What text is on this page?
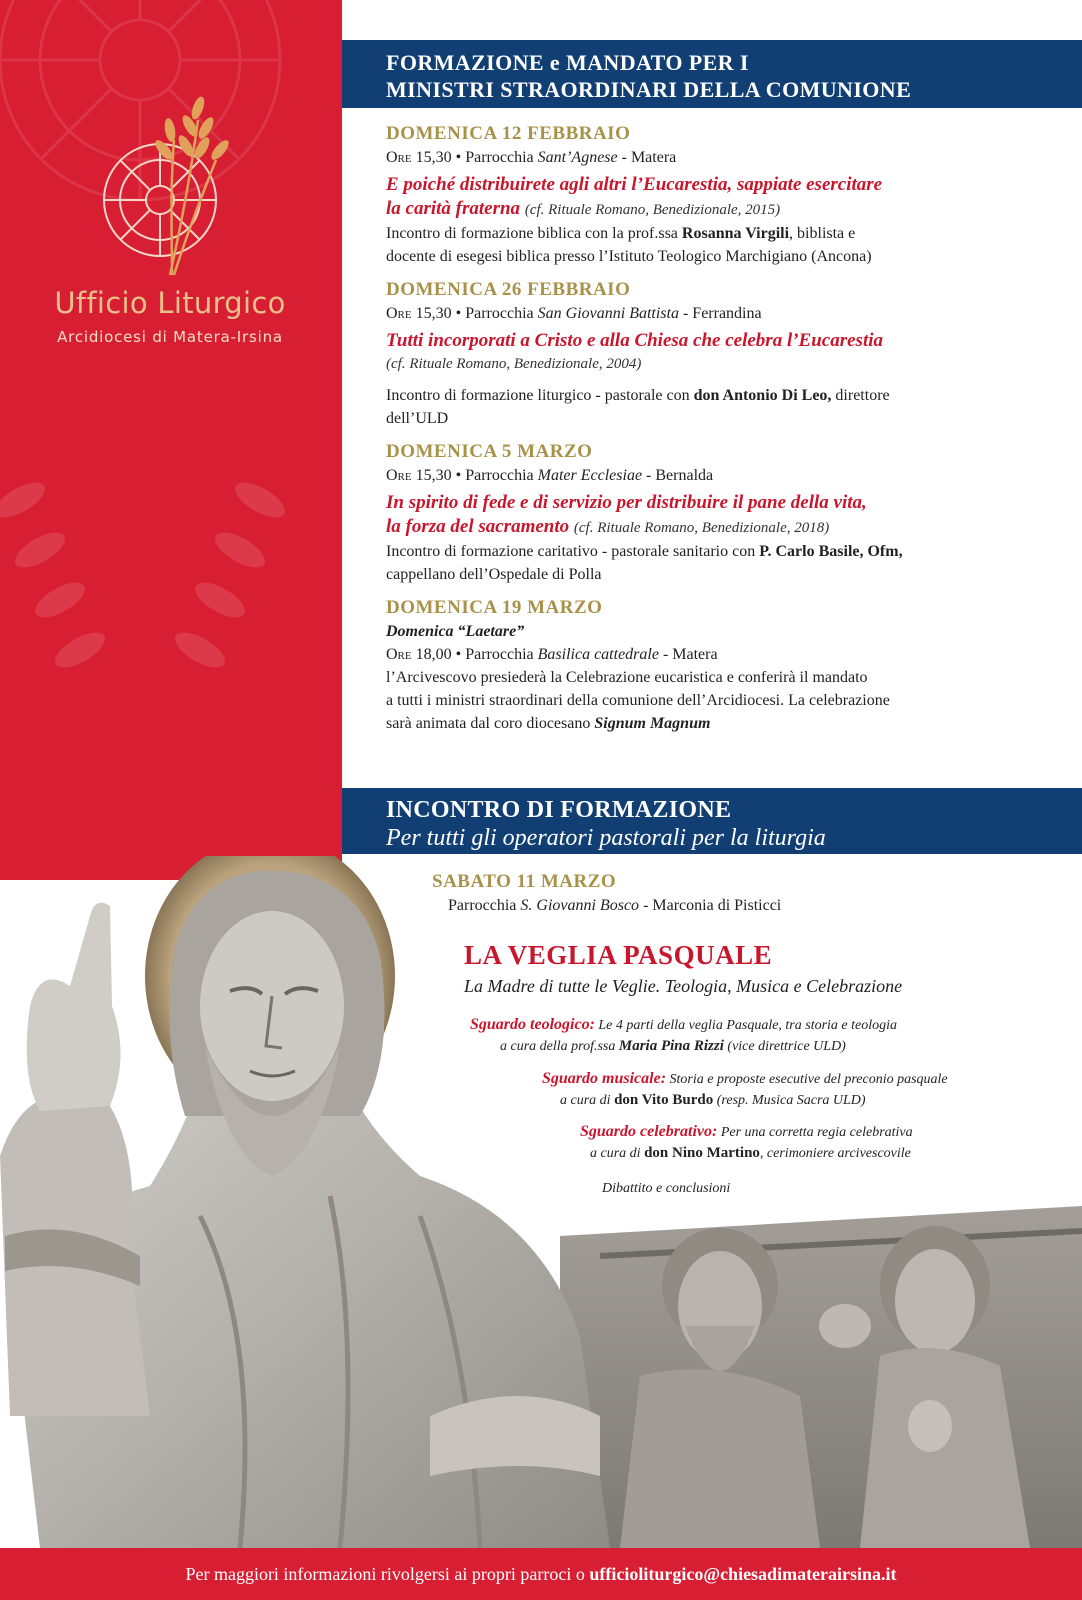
Ufficio Liturgico
Arcidiocesi di Matera-Irsina
FORMAZIONE e MANDATO PER I
MINISTRI STRAORDINARI DELLA COMUNIONE
DOMENICA 12 FEBBRAIO
Ore 15,30 • Parrocchia Sant’Agnese - Matera
E poiché distribuirete agli altri l’Eucarestia, sappiate esercitare
la carità fraterna (cf. Rituale Romano, Benedizionale, 2015)
Incontro di formazione biblica con la prof.ssa Rosanna Virgili, biblista e
docente di esegesi biblica presso l’Istituto Teologico Marchigiano (Ancona)
DOMENICA 26 FEBBRAIO
Ore 15,30 • Parrocchia San Giovanni Battista - Ferrandina
Tutti incorporati a Cristo e alla Chiesa che celebra l’Eucarestia
(cf. Rituale Romano, Benedizionale, 2004)
Incontro di formazione liturgico - pastorale con don Antonio Di Leo, direttore
dell’ULD
DOMENICA 5 MARZO
Ore 15,30 • Parrocchia Mater Ecclesiae - Bernalda
In spirito di fede e di servizio per distribuire il pane della vita,
la forza del sacramento (cf. Rituale Romano, Benedizionale, 2018)
Incontro di formazione caritativo - pastorale sanitario con P. Carlo Basile, Ofm,
cappellano dell’Ospedale di Polla
DOMENICA 19 MARZO
Domenica “Laetare”
Ore 18,00 • Parrocchia Basilica cattedrale - Matera
l’Arcivescovo presiederà la Celebrazione eucaristica e conferirà il mandato
a tutti i ministri straordinari della comunione dell’Arcidiocesi. La celebrazione
sarà animata dal coro diocesano Signum Magnum
INCONTRO DI FORMAZIONE
Per tutti gli operatori pastorali per la liturgia
SABATO 11 MARZO
Parrocchia S. Giovanni Bosco - Marconia di Pisticci
LA VEGLIA PASQUALE
La Madre di tutte le Veglie. Teologia, Musica e Celebrazione
Sguardo teologico: Le 4 parti della veglia Pasquale, tra storia e teologia
a cura della prof.ssa Maria Pina Rizzi (vice direttrice ULD)
Sguardo musicale: Storia e proposte esecutive del preconio pasquale
a cura di don Vito Burdo (resp. Musica Sacra ULD)
Sguardo celebrativo: Per una corretta regia celebrativa
a cura di don Nino Martino, cerimoniere arcivescovile
Dibattito e conclusioni
Per maggiori informazioni rivolgersi ai propri parroci o ufficioliturgico@chiesadimaterairsina.it
